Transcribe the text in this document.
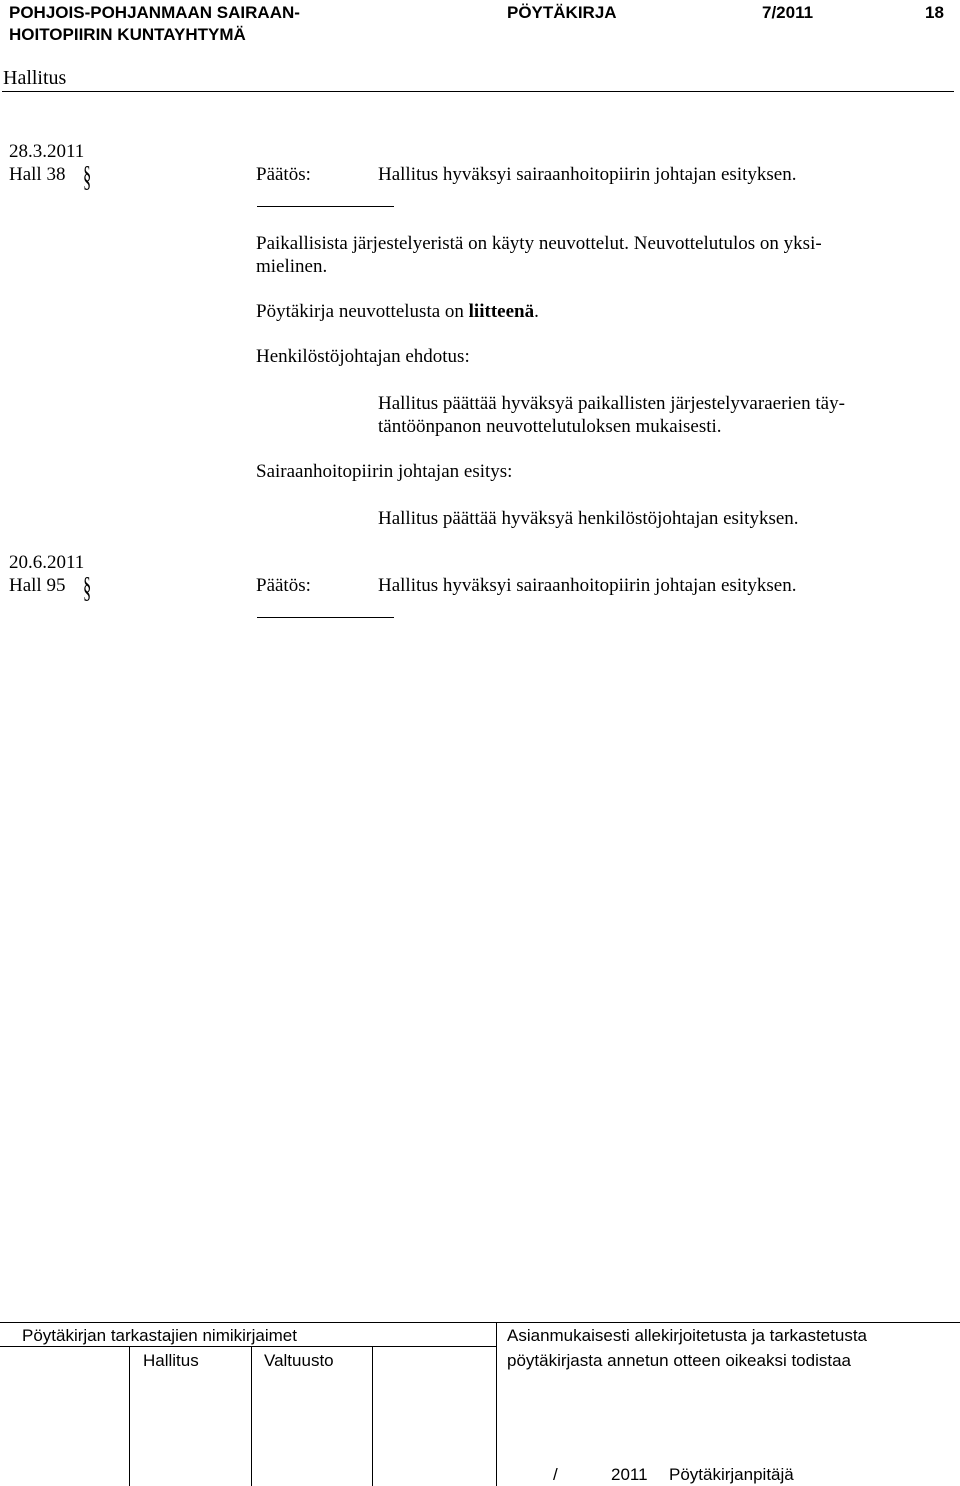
POHJOIS-POHJANMAAN SAIRAAN-
HOITOPIIRIN KUNTAYHTYMÄ
PÖYTÄKIRJA	7/2011	18
Hallitus
28.3.2011
Hall 38 §	Päätös:	Hallitus hyväksyi sairaanhoitopiirin johtajan esityksen.
Paikallisista järjestelyeristä on käyty neuvottelut. Neuvottelutulos on yksi-
mielinen.
Pöytäkirja neuvottelusta on liitteenä.
Henkilöstöjohtajan ehdotus:
Hallitus päättää hyväksyä paikallisten järjestelyvaraerien täy-
täntöönpanon neuvottelutuloksen mukaisesti.
Sairaanhoitopiirin johtajan esitys:
Hallitus päättää hyväksyä henkilöstöjohtajan esityksen.
20.6.2011
Hall 95 §	Päätös:	Hallitus hyväksyi sairaanhoitopiirin johtajan esityksen.
Pöytäkirjan tarkastajien nimikirjaimet
Hallitus	Valtuusto
Asianmukaisesti allekirjoitetusta ja tarkastetusta
pöytäkirjasta annetun otteen oikeaksi todistaa
/	2011 Pöytäkirjanpitäjä
